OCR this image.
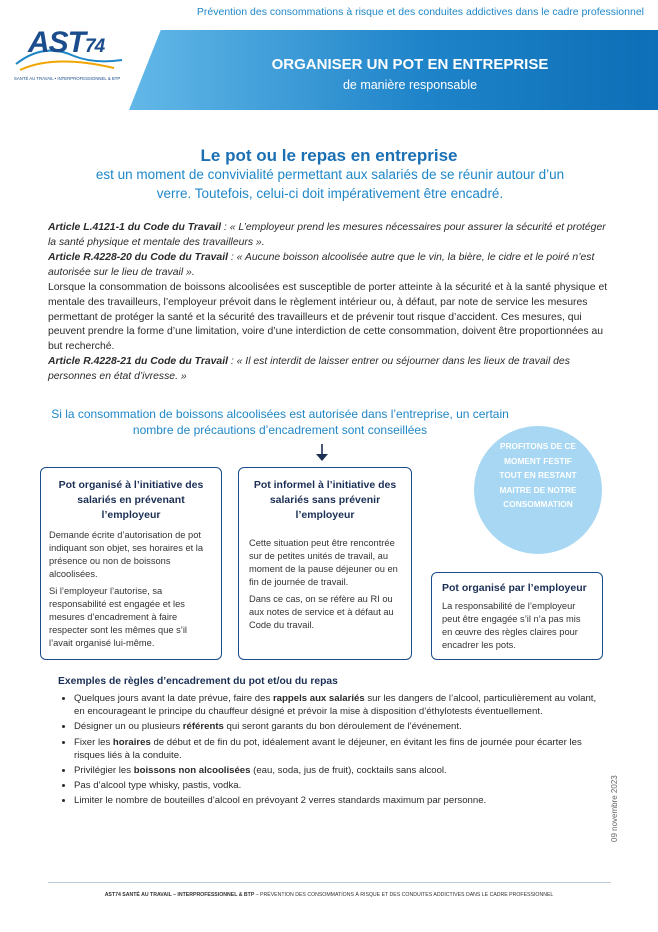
Prévention des consommations à risque et des conduites addictives dans le cadre professionnel
AST74
SANTÉ AU TRAVAIL • INTERPROFESSIONNEL & BTP
ORGANISER UN POT EN ENTREPRISE
de manière responsable
Le pot ou le repas en entreprise
est un moment de convivialité permettant aux salariés de se réunir autour d’un verre. Toutefois, celui-ci doit impérativement être encadré.

Article L.4121-1 du Code du Travail : « L’employeur prend les mesures nécessaires pour assurer la sécurité et protéger la santé physique et mentale des travailleurs ».

Article R.4228-20 du Code du Travail : « Aucune boisson alcoolisée autre que le vin, la bière, le cidre et le poiré n’est autorisée sur le lieu de travail ».

Lorsque la consommation de boissons alcoolisées est susceptible de porter atteinte à la sécurité et à la santé physique et mentale des travailleurs, l’employeur prévoit dans le règlement intérieur ou, à défaut, par note de service les mesures permettant de protéger la santé et la sécurité des travailleurs et de prévenir tout risque d’accident. Ces mesures, qui peuvent prendre la forme d’une limitation, voire d’une interdiction de cette consommation, doivent être proportionnées au but recherché.

Article R.4228-21 du Code du Travail : « Il est interdit de laisser entrer ou séjourner dans les lieux de travail des personnes en état d’ivresse. »

Si la consommation de boissons alcoolisées est autorisée dans l’entreprise, un certain nombre de précautions d’encadrement sont conseillées
PROFITONS DE CE
MOMENT FESTIF
TOUT EN RESTANT
MAITRE DE NOTRE
CONSOMMATION
Pot organisé à l’initiative des salariés en prévenant l’employeur

Demande écrite d’autorisation de pot indiquant son objet, ses horaires et la présence ou non de boissons alcoolisées.

Si l’employeur l’autorise, sa responsabilité est engagée et les mesures d’encadrement à faire respecter sont les mêmes que s’il l’avait organisé lui-même.

Pot informel à l’initiative des salariés sans prévenir l’employeur

Cette situation peut être rencontrée sur de petites unités de travail, au moment de la pause déjeuner ou en fin de journée de travail.

Dans ce cas, on se réfère au RI ou aux notes de service et à défaut au Code du travail.

Pot organisé par l’employeur

La responsabilité de l’employeur peut être engagée s’il n’a pas mis en œuvre des règles claires pour encadrer les pots.

Exemples de règles d’encadrement du pot et/ou du repas
• Quelques jours avant la date prévue, faire des rappels aux salariés sur les dangers de l’alcool, particulièrement au volant, en encourageant le principe du chauffeur désigné et prévoir la mise à disposition d’éthylotests éventuellement.
• Désigner un ou plusieurs référents qui seront garants du bon déroulement de l’événement.
• Fixer les horaires de début et de fin du pot, idéalement avant le déjeuner, en évitant les fins de journée pour écarter les risques liés à la conduite.
• Privilégier les boissons non alcoolisées (eau, soda, jus de fruit), cocktails sans alcool.
• Pas d’alcool type whisky, pastis, vodka.
• Limiter le nombre de bouteilles d’alcool en prévoyant 2 verres standards maximum par personne.	09 novembre 2023
AST74 SANTÉ AU TRAVAIL – INTERPROFESSIONNEL & BTP – PRÉVENTION DES CONSOMMATIONS À RISQUE ET DES CONDUITES ADDICTIVES DANS LE CADRE PROFESSIONNEL
